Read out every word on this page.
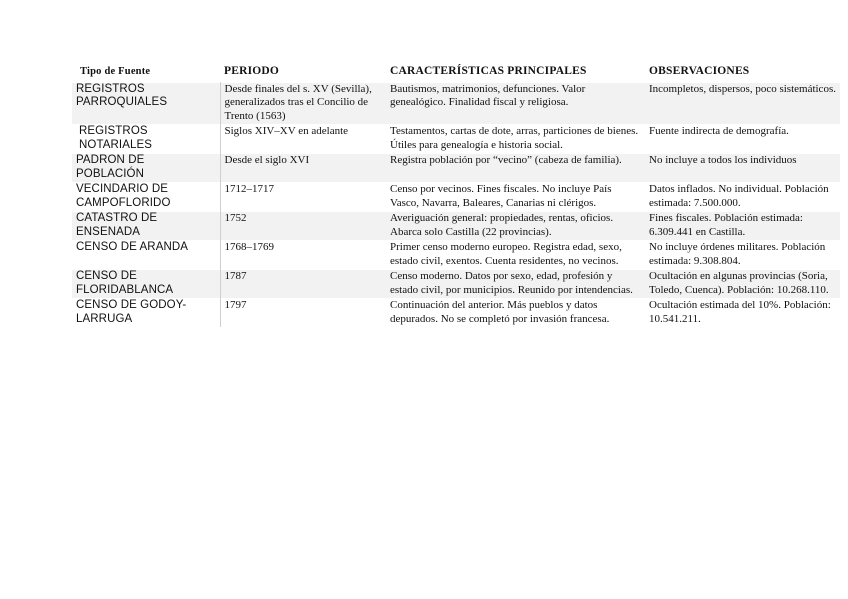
Tipo de Fuente	PERIODO	CARACTERÍSTICAS PRINCIPALES	OBSERVACIONES
REGISTROS PARROQUIALES	Desde finales del s. XV (Sevilla), generalizados tras el Concilio de Trento (1563)	Bautismos, matrimonios, defunciones. Valor genealógico. Finalidad fiscal y religiosa.	Incompletos, dispersos, poco sistemáticos.
REGISTROS NOTARIALES	Siglos XIV–XV en adelante	Testamentos, cartas de dote, arras, particiones de bienes. Útiles para genealogía e historia social.	Fuente indirecta de demografía.
PADRÓN DE POBLACIÓN	Desde el siglo XVI	Registra población por “vecino” (cabeza de familia).	No incluye a todos los individuos
VECINDARIO DE CAMPOFLORIDO	1712–1717	Censo por vecinos. Fines fiscales. No incluye País Vasco, Navarra, Baleares, Canarias ni clérigos.	Datos inflados. No individual. Población estimada: 7.500.000.
CATASTRO DE ENSENADA	1752	Averiguación general: propiedades, rentas, oficios. Abarca solo Castilla (22 provincias).	Fines fiscales. Población estimada: 6.309.441 en Castilla.
CENSO DE ARANDA	1768–1769	Primer censo moderno europeo. Registra edad, sexo, estado civil, exentos. Cuenta residentes, no vecinos.	No incluye órdenes militares. Población estimada: 9.308.804.
CENSO DE FLORIDABLANCA	1787	Censo moderno. Datos por sexo, edad, profesión y estado civil, por municipios. Reunido por intendencias.	Ocultación en algunas provincias (Soria, Toledo, Cuenca). Población: 10.268.110.
CENSO DE GODOY-LARRUGA	1797	Continuación del anterior. Más pueblos y datos depurados. No se completó por invasión francesa.	Ocultación estimada del 10%. Población: 10.541.211.
